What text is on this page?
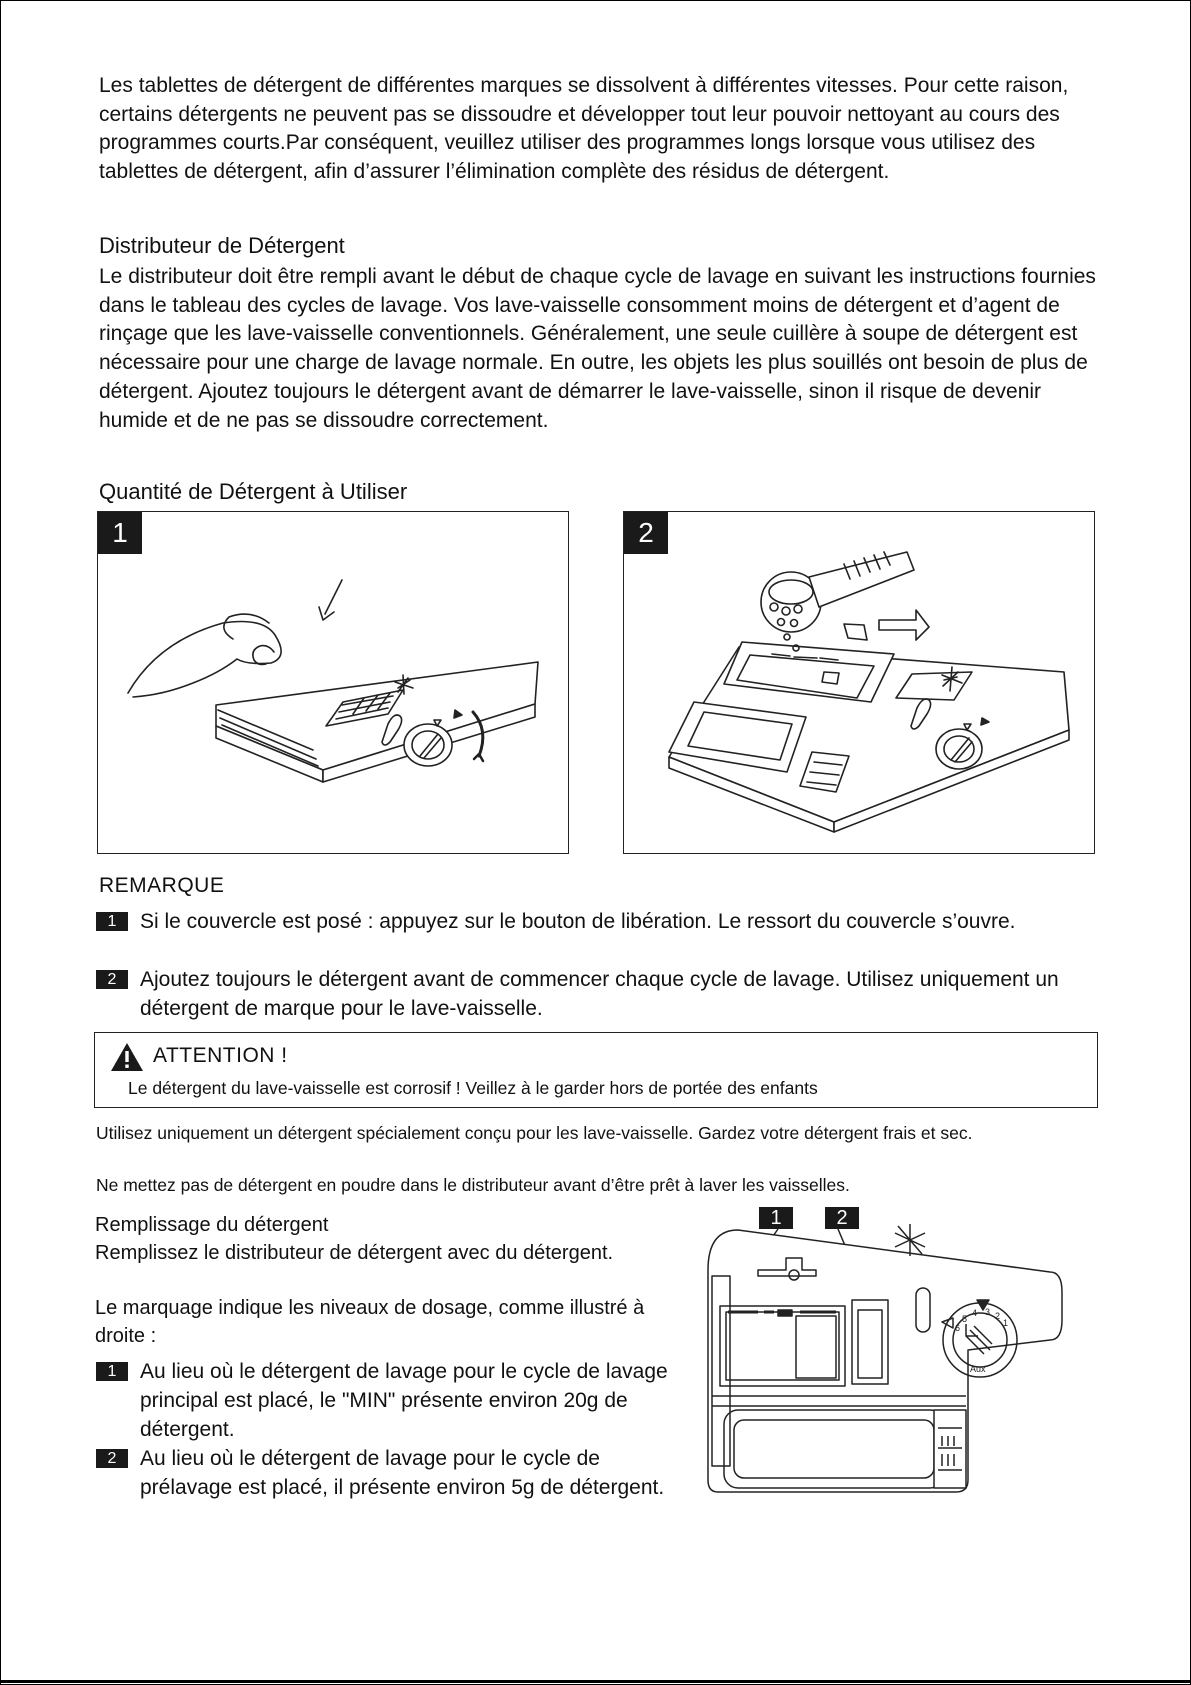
Les tablettes de détergent de différentes marques se dissolvent à différentes vitesses. Pour cette raison, certains détergents ne peuvent pas se dissoudre et développer tout leur pouvoir nettoyant au cours des programmes courts.Par conséquent, veuillez utiliser des programmes longs lorsque vous utilisez des tablettes de détergent, afin d’assurer l’élimination complète des résidus de détergent.

Distributeur de Détergent

Le distributeur doit être rempli avant le début de chaque cycle de lavage en suivant les instructions fournies dans le tableau des cycles de lavage. Vos lave-vaisselle consomment moins de détergent et d’agent de rinçage que les lave-vaisselle conventionnels. Généralement, une seule cuillère à soupe de détergent est nécessaire pour une charge de lavage normale. En outre, les objets les plus souillés ont besoin de plus de détergent. Ajoutez toujours le détergent avant de démarrer le lave-vaisselle, sinon il risque de devenir humide et de ne pas se dissoudre correctement.

Quantité de Détergent à Utiliser
1	2
REMARQUE
1 Si le couvercle est posé : appuyez sur le bouton de libération. Le ressort du couvercle s’ouvre.
2 Ajoutez toujours le détergent avant de commencer chaque cycle de lavage. Utilisez uniquement un détergent de marque pour le lave-vaisselle.
ATTENTION !
Le détergent du lave-vaisselle est corrosif ! Veillez à le garder hors de portée des enfants

Utilisez uniquement un détergent spécialement conçu pour les lave-vaisselle. Gardez votre détergent frais et sec.

Ne mettez pas de détergent en poudre dans le distributeur avant d’être prêt à laver les vaisselles.

Remplissage du détergent

Remplissez le distributeur de détergent avec du détergent.

Le marquage indique les niveaux de dosage, comme illustré à droite :

1 Au lieu où le détergent de lavage pour le cycle de lavage principal est placé, le "MIN" présente environ 20g de détergent.
2 Au lieu où le détergent de lavage pour le cycle de prélavage est placé, il présente environ 5g de détergent.
1	2
6
5
4 3 2
1
Aux
